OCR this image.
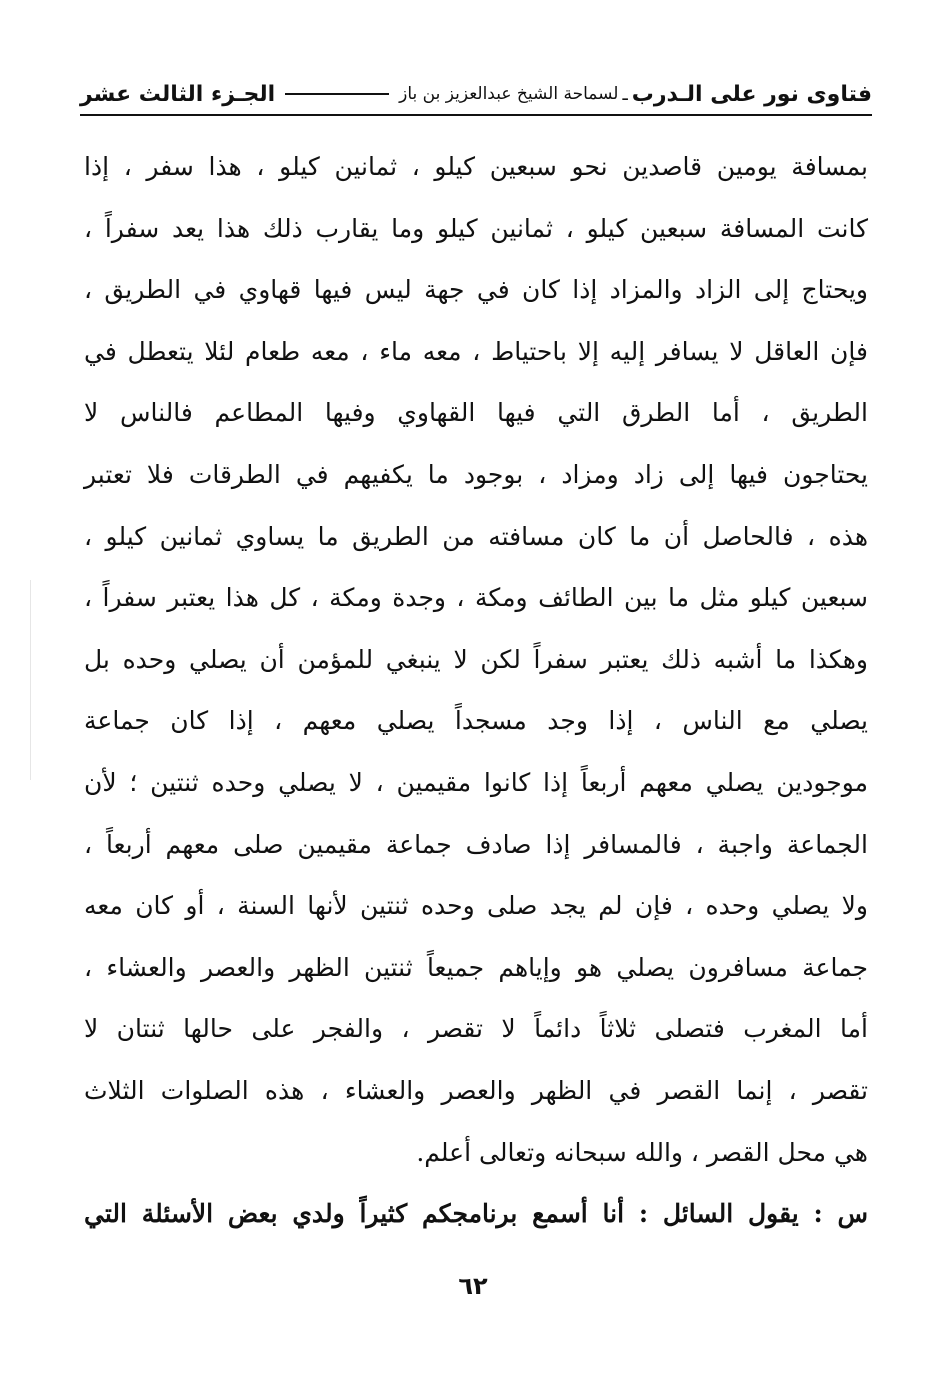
فتاوى نور على الـدرب
ـ
لسماحة الشيخ عبدالعزيز بن باز
الجـزء الثالث عشر
بمسافة يومين قاصدين نحو سبعين كيلو ، ثمانين كيلو ، هذا سفر ، إذا
كانت المسافة سبعين كيلو ، ثمانين كيلو وما يقارب ذلك هذا يعد سفراً ،
ويحتاج إلى الزاد والمزاد إذا كان في جهة ليس فيها قهاوي في الطريق ،
فإن العاقل لا يسافر إليه إلا باحتياط ، معه ماء ، معه طعام لئلا يتعطل في
الطريق ، أما الطرق التي فيها القهاوي وفيها المطاعم فالناس لا
يحتاجون فيها إلى زاد ومزاد ، بوجود ما يكفيهم في الطرقات فلا تعتبر
هذه ، فالحاصل أن ما كان مسافته من الطريق ما يساوي ثمانين كيلو ،
سبعين كيلو مثل ما بين الطائف ومكة ، وجدة ومكة ، كل هذا يعتبر سفراً ،
وهكذا ما أشبه ذلك يعتبر سفراً لكن لا ينبغي للمؤمن أن يصلي وحده بل
يصلي مع الناس ، إذا وجد مسجداً يصلي معهم ، إذا كان جماعة
موجودين يصلي معهم أربعاً إذا كانوا مقيمين ، لا يصلي وحده ثنتين ؛ لأن
الجماعة واجبة ، فالمسافر إذا صادف جماعة مقيمين صلى معهم أربعاً ،
ولا يصلي وحده ، فإن لم يجد صلى وحده ثنتين لأنها السنة ، أو كان معه
جماعة مسافرون يصلي هو وإياهم جميعاً ثنتين الظهر والعصر والعشاء ،
أما المغرب فتصلى ثلاثاً دائماً لا تقصر ، والفجر على حالها ثنتان لا
تقصر ، إنما القصر في الظهر والعصر والعشاء ، هذه الصلوات الثلاث
هي محل القصر ، والله سبحانه وتعالى أعلم.
س : يقول السائل : أنا أسمع برنامجكم كثيراً ولدي بعض الأسئلة التي
٦٢
